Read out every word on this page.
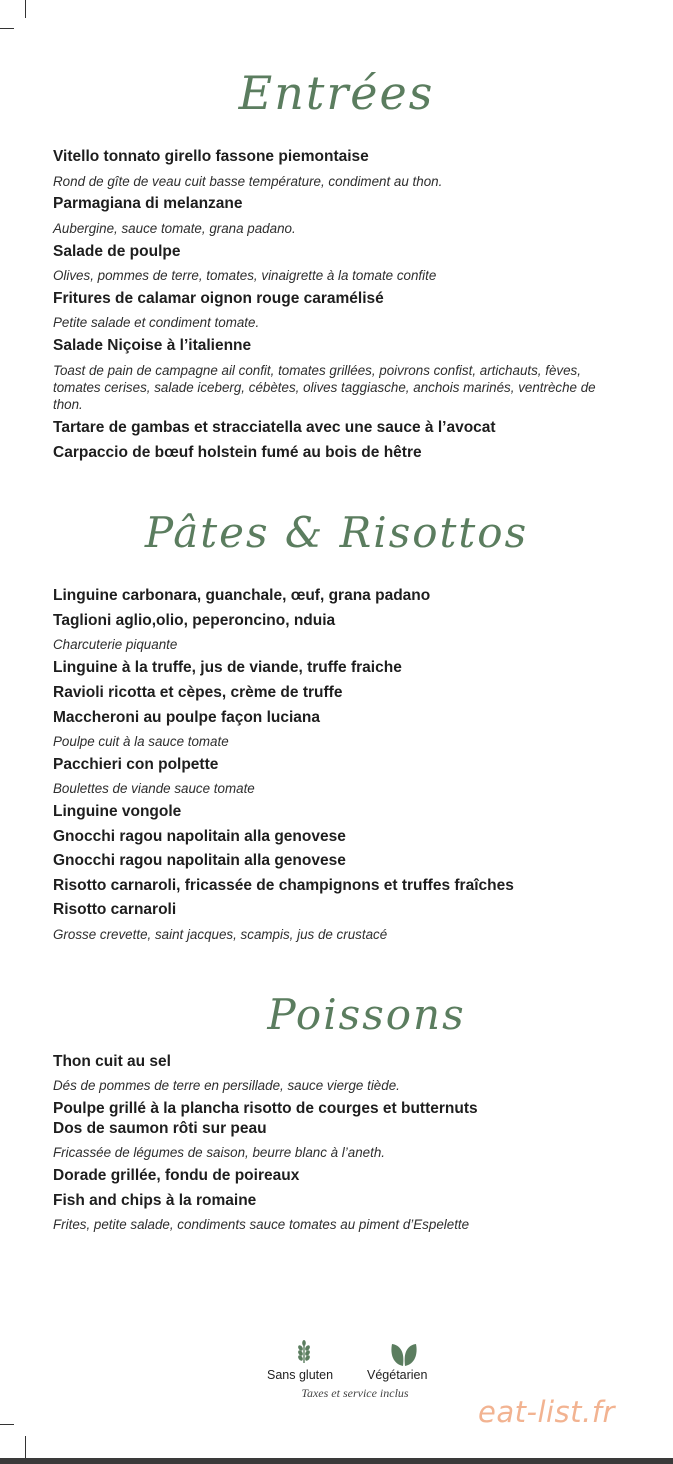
Entrées
Vitello tonnato girello fassone piemontaise
Rond de gîte de veau cuit basse température, condiment au thon.
Parmagiana di melanzane
Aubergine, sauce tomate, grana padano.
Salade de poulpe
Olives, pommes de terre, tomates, vinaigrette à la tomate confite
Fritures de calamar oignon rouge caramélisé
Petite salade et condiment tomate.
Salade Niçoise à l’italienne
Toast de pain de campagne ail confit, tomates grillées, poivrons confist, artichauts, fèves, tomates cerises, salade iceberg, cébètes, olives taggiasche, anchois marinés, ventrèche de thon.
Tartare de gambas et stracciatella avec une sauce à l’avocat
Carpaccio de bœuf holstein fumé au bois de hêtre
Pâtes & Risottos
Linguine carbonara, guanchale, œuf, grana padano
Taglioni aglio,olio, peperoncino, nduia
Charcuterie piquante
Linguine à la truffe, jus de viande, truffe fraiche
Ravioli ricotta et cèpes, crème de truffe
Maccheroni au poulpe façon luciana
Poulpe cuit à la sauce tomate
Pacchieri con polpette
Boulettes de viande sauce tomate
Linguine vongole
Gnocchi ragou napolitain alla genovese
Gnocchi ragou napolitain alla genovese
Risotto carnaroli, fricassée de champignons et truffes fraîches
Risotto carnaroli
Grosse crevette, saint jacques, scampis, jus de crustacé
Poissons
Thon cuit au sel
Dés de pommes de terre en persillade, sauce vierge tiède.
Poulpe grillé à la plancha risotto de courges et butternuts
Dos de saumon rôti sur peau
Fricassée de légumes de saison, beurre blanc à l’aneth.
Dorade grillée, fondu de poireaux
Fish and chips à la romaine
Frites, petite salade, condiments sauce tomates au piment d’Espelette
Sans gluten	Végétarien
Taxes et service inclus
eat-list.fr
